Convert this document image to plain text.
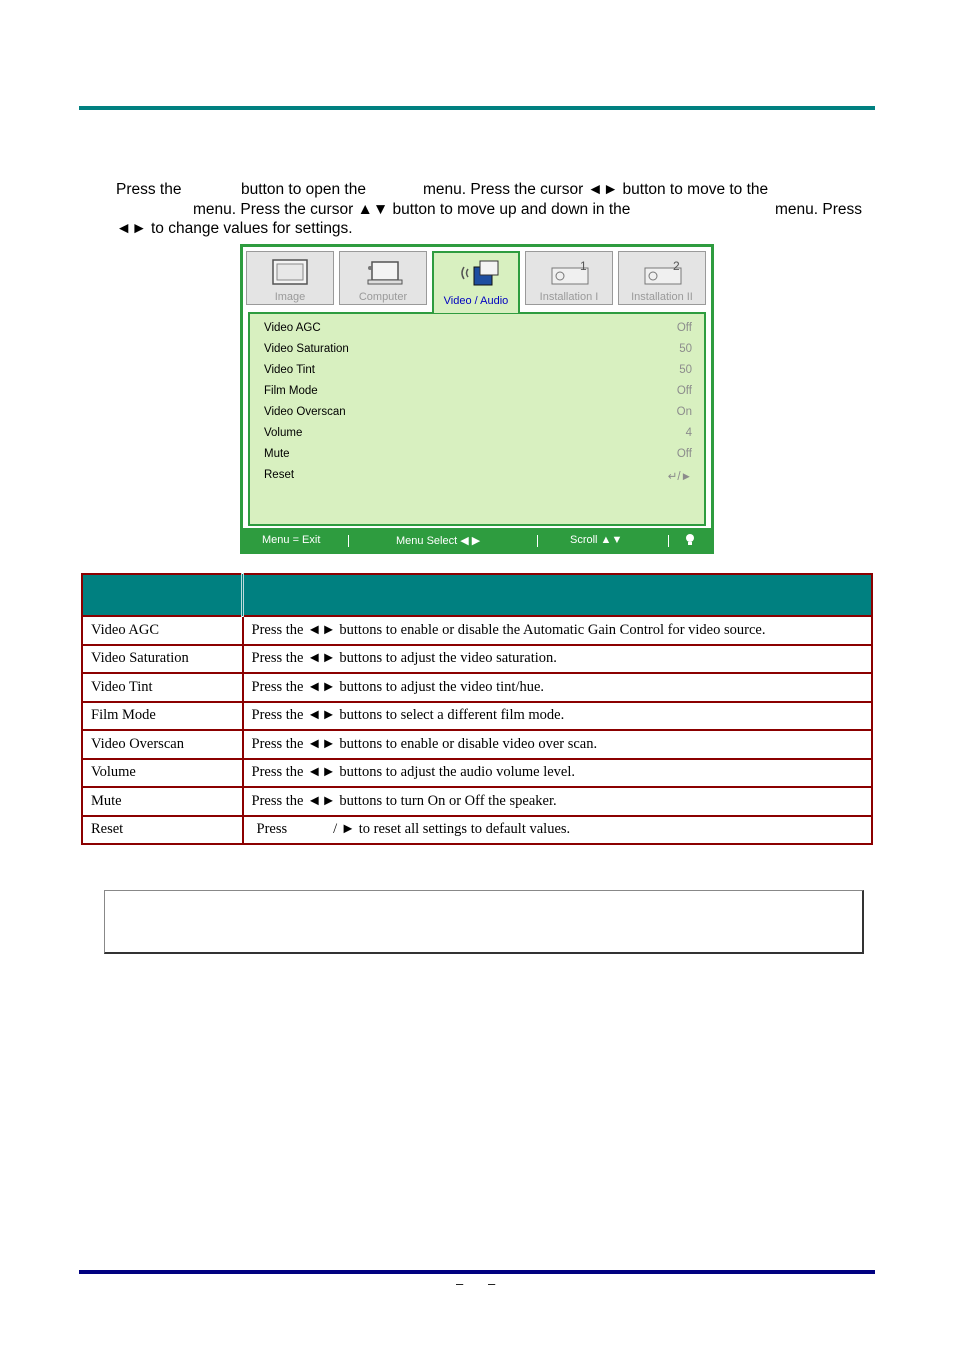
Press the	button to open the	menu. Press the cursor ◄► button to move to the
menu. Press the cursor ▲▼ button to move up and down in the	menu. Press
◄► to change values for settings.
Image	Computer	Video / Audio
1
Installation I
2
Installation II
Video AGC	Off
Video Saturation	50
Video Tint	50
Film Mode	Off
Video Overscan	On
Volume	4
Mute	Off
Reset	↵/►
Menu = Exit	Menu Select ◀ ▶	Scroll ▲▼

Video AGC	Press the ◄► buttons to enable or disable the Automatic Gain Control for video source.
Video Saturation	Press the ◄► buttons to adjust the video saturation.
Video Tint	Press the ◄► buttons to adjust the video tint/hue.
Film Mode	Press the ◄► buttons to select a different film mode.
Video Overscan	Press the ◄► buttons to enable or disable video over scan.
Volume	Press the ◄► buttons to adjust the audio volume level.
Mute	Press the ◄► buttons to turn On or Off the speaker.
Reset	Press / ► to reset all settings to default values.
– –
